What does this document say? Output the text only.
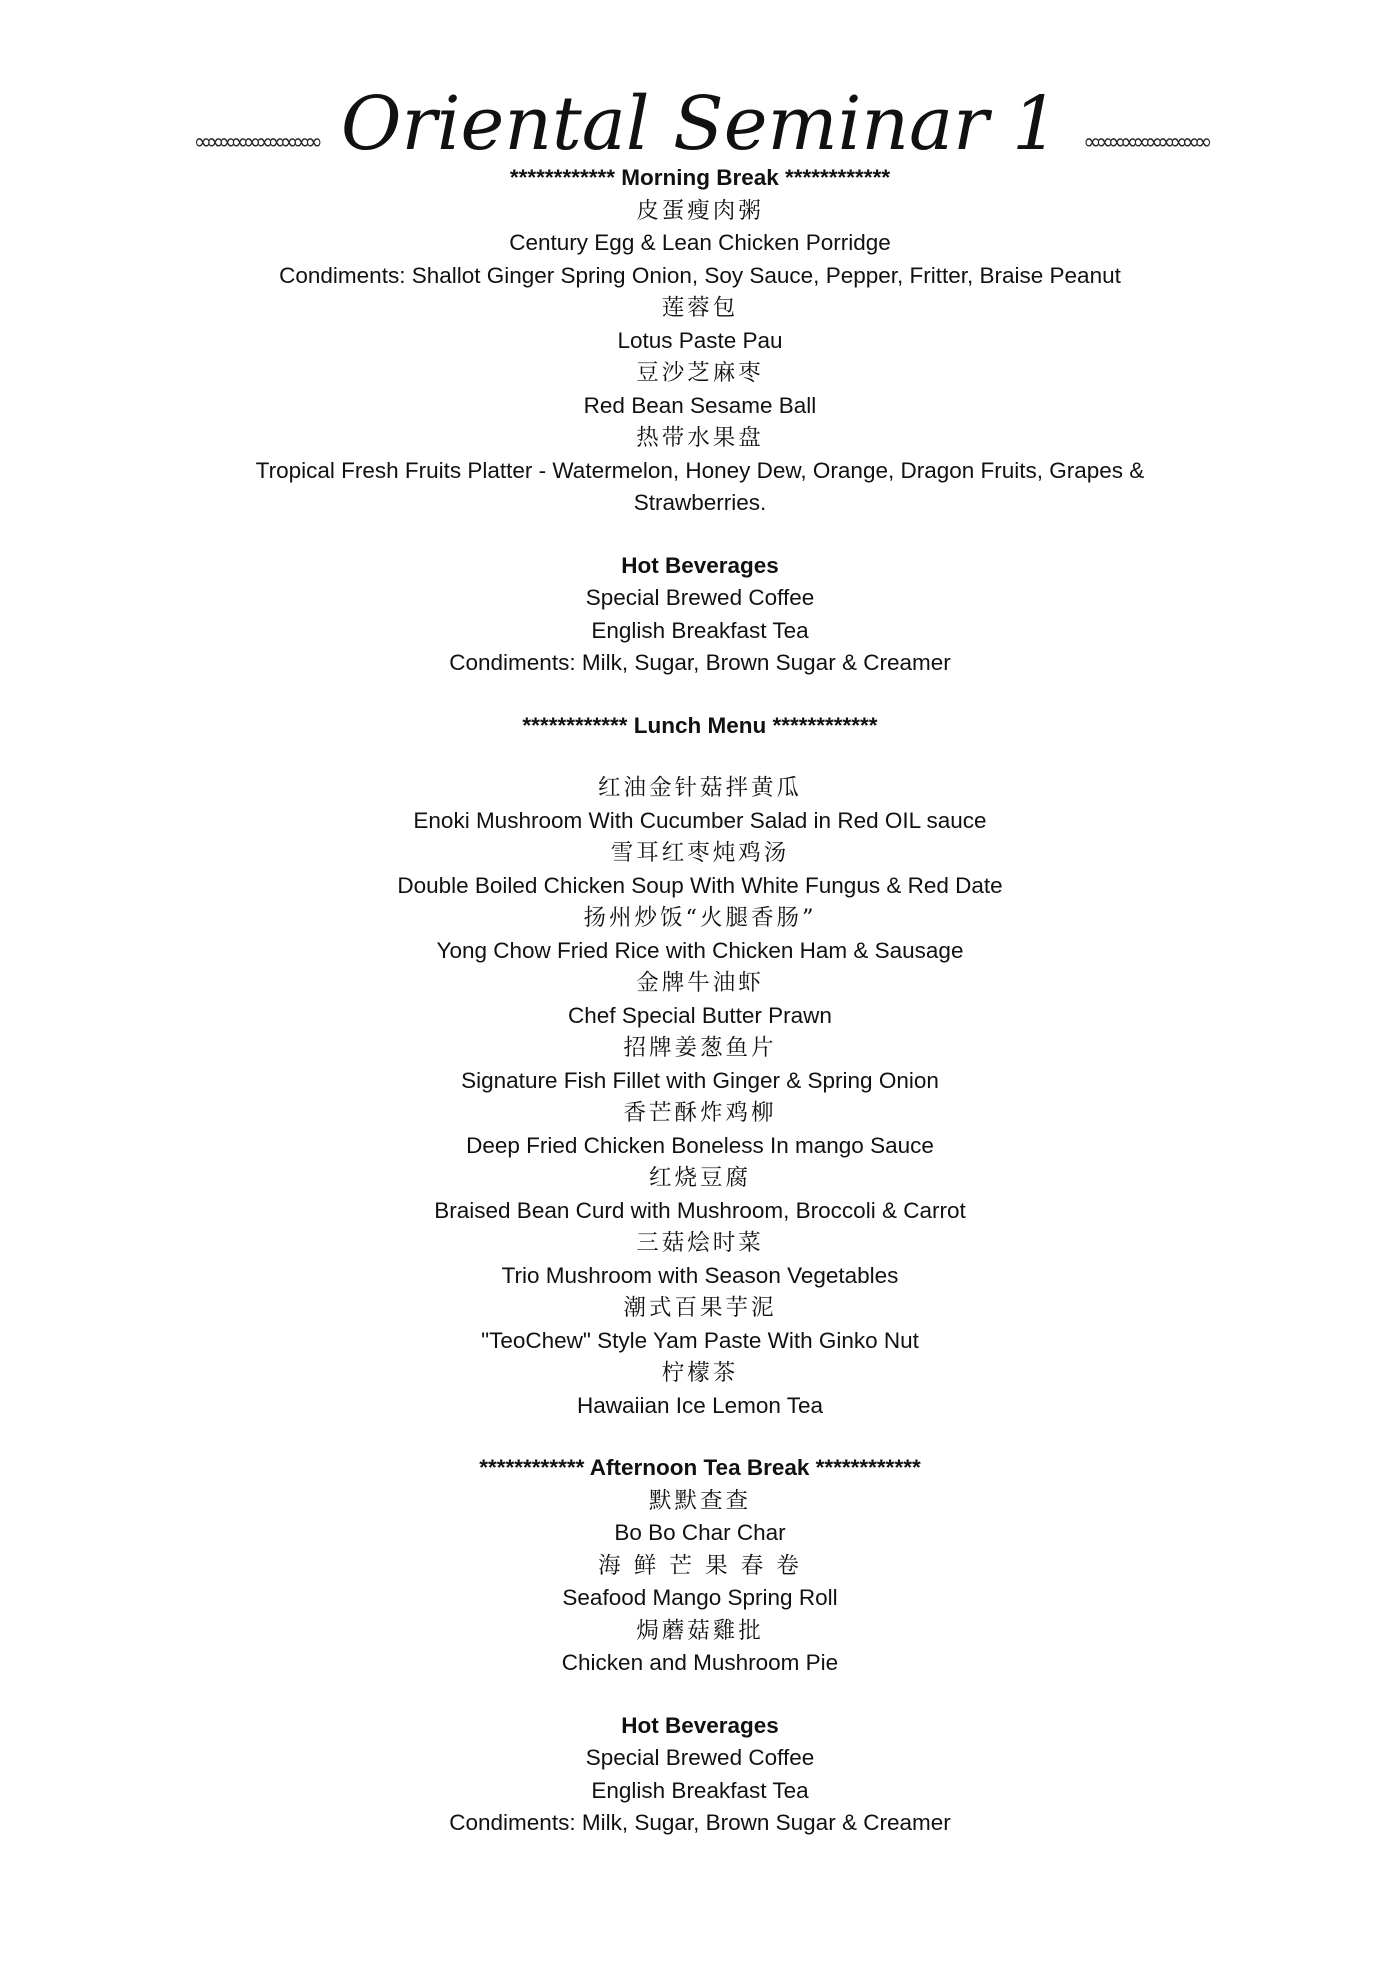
∞∞∞∞∞∞∞∞∞∞ Oriental Seminar 1 ∞∞∞∞∞∞∞∞∞∞
************ Morning Break ************
皮蛋瘦肉粥
Century Egg & Lean Chicken Porridge
Condiments: Shallot Ginger Spring Onion, Soy Sauce, Pepper, Fritter, Braise Peanut
莲蓉包
Lotus Paste Pau
豆沙芝麻枣
Red Bean Sesame Ball
热带水果盘
Tropical Fresh Fruits Platter - Watermelon, Honey Dew, Orange, Dragon Fruits, Grapes &
Strawberries.
Hot Beverages
Special Brewed Coffee
English Breakfast Tea
Condiments: Milk, Sugar, Brown Sugar & Creamer
************ Lunch Menu ************
红油金针菇拌黄瓜
Enoki Mushroom With Cucumber Salad in Red OIL sauce
雪耳红枣炖鸡汤
Double Boiled Chicken Soup With White Fungus & Red Date
扬州炒饭“火腿香肠”
Yong Chow Fried Rice with Chicken Ham & Sausage
金牌牛油虾
Chef Special Butter Prawn
招牌姜葱鱼片
Signature Fish Fillet with Ginger & Spring Onion
香芒酥炸鸡柳
Deep Fried Chicken Boneless In mango Sauce
红烧豆腐
Braised Bean Curd with Mushroom, Broccoli & Carrot
三菇烩时菜
Trio Mushroom with Season Vegetables
潮式百果芋泥
"TeoChew" Style Yam Paste With Ginko Nut
柠檬茶
Hawaiian Ice Lemon Tea
************ Afternoon Tea Break ************
默默查查
Bo Bo Char Char
海 鲜 芒 果 春 卷
Seafood Mango Spring Roll
焗蘑菇雞批
Chicken and Mushroom Pie
Hot Beverages
Special Brewed Coffee
English Breakfast Tea
Condiments: Milk, Sugar, Brown Sugar & Creamer
